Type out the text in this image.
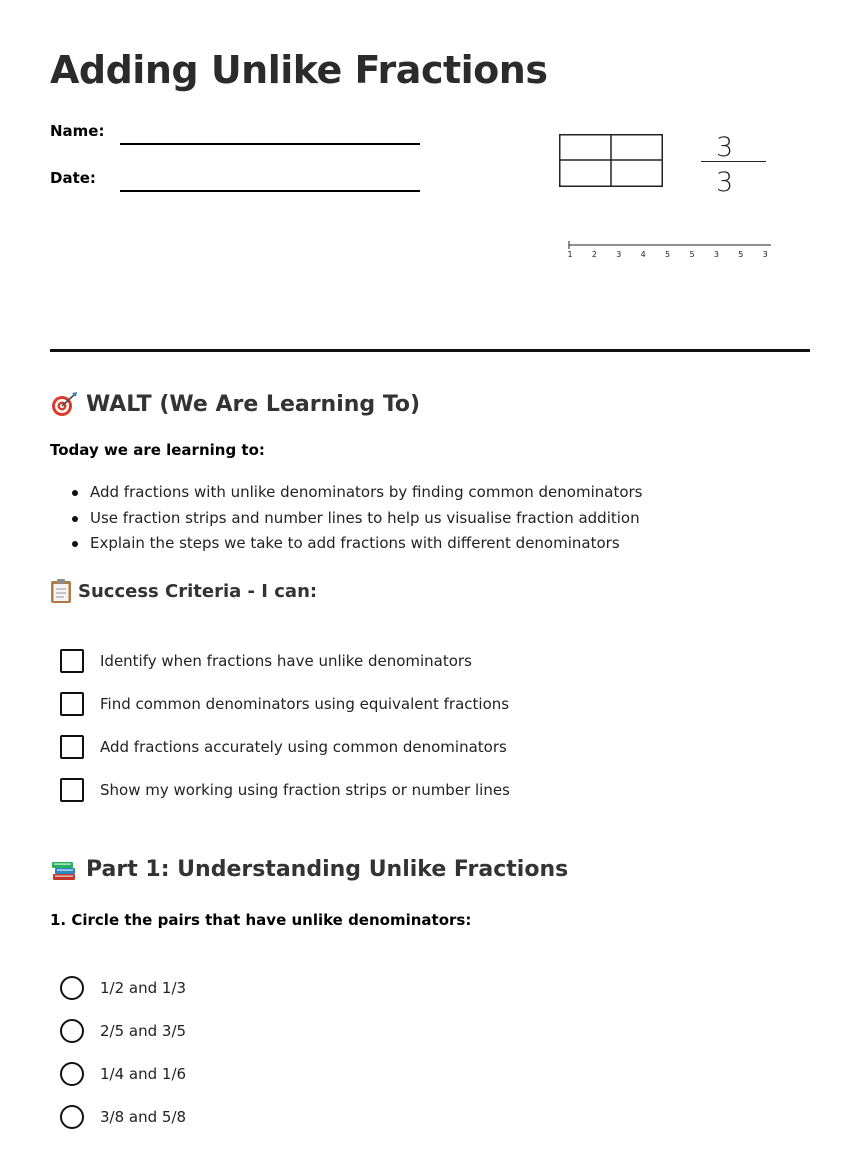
Adding Unlike Fractions
Name:
Date:
3
3
1 2 3 4 5 5 3 5 3
WALT (We Are Learning To)

Today we are learning to:

Add fractions with unlike denominators by finding common denominators
Use fraction strips and number lines to help us visualise fraction addition
Explain the steps we take to add fractions with different denominators
Success Criteria - I can:
Identify when fractions have unlike denominators
Find common denominators using equivalent fractions
Add fractions accurately using common denominators
Show my working using fraction strips or number lines
Part 1: Understanding Unlike Fractions

1. Circle the pairs that have unlike denominators:

1/2 and 1/3
2/5 and 3/5
1/4 and 1/6
3/8 and 5/8
